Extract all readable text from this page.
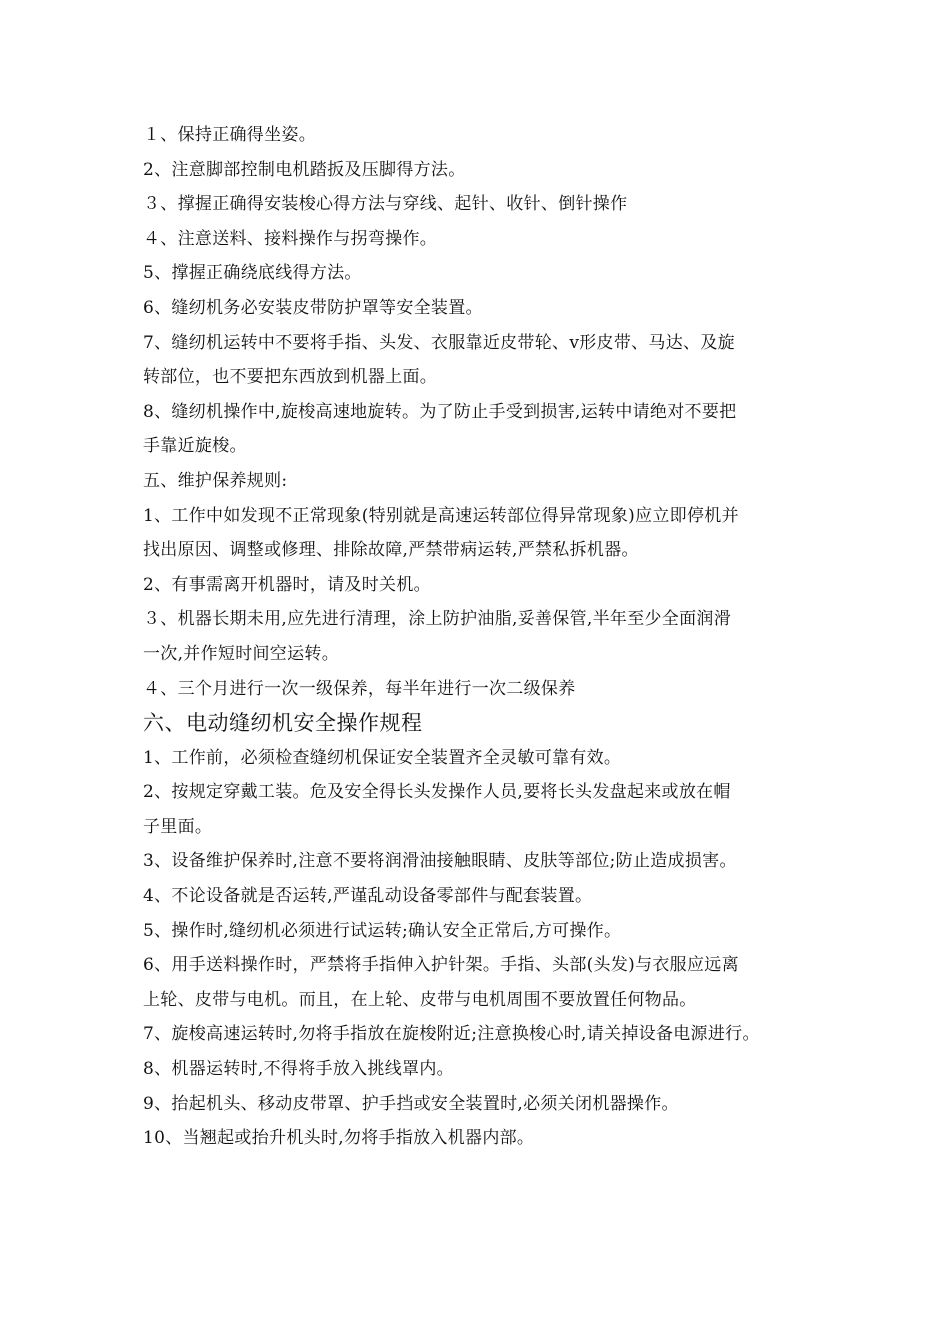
１、保持正确得坐姿。
2、注意脚部控制电机踏扳及压脚得方法。
３、撑握正确得安装梭心得方法与穿线、起针、收针、倒针操作
４、注意送料、接料操作与拐弯操作。
5、撑握正确绕底线得方法。
6、缝纫机务必安装皮带防护罩等安全装置。
7、缝纫机运转中不要将手指、头发、衣服靠近皮带轮、v形皮带、马达、及旋
转部位，也不要把东西放到机器上面。
8、缝纫机操作中,旋梭高速地旋转。为了防止手受到损害,运转中请绝对不要把
手靠近旋梭。
五、维护保养规则:
1、工作中如发现不正常现象(特别就是高速运转部位得异常现象)应立即停机并
找出原因、调整或修理、排除故障,严禁带病运转,严禁私拆机器。
2、有事需离开机器时，请及时关机。
３、机器长期未用,应先进行清理，涂上防护油脂,妥善保管,半年至少全面润滑
一次,并作短时间空运转。
４、三个月进行一次一级保养，每半年进行一次二级保养
六、电动缝纫机安全操作规程
1、工作前，必须检查缝纫机保证安全装置齐全灵敏可靠有效。
2、按规定穿戴工装。危及安全得长头发操作人员,要将长头发盘起来或放在帽
子里面。
3、设备维护保养时,注意不要将润滑油接触眼睛、皮肤等部位;防止造成损害。
4、不论设备就是否运转,严谨乱动设备零部件与配套装置。
5、操作时,缝纫机必须进行试运转;确认安全正常后,方可操作。
6、用手送料操作时，严禁将手指伸入护针架。手指、头部(头发)与衣服应远离
上轮、皮带与电机。而且，在上轮、皮带与电机周围不要放置任何物品。
7、旋梭高速运转时,勿将手指放在旋梭附近;注意换梭心时,请关掉设备电源进行。
8、机器运转时,不得将手放入挑线罩内。
9、抬起机头、移动皮带罩、护手挡或安全装置时,必须关闭机器操作。
10、当翘起或抬升机头时,勿将手指放入机器内部。
